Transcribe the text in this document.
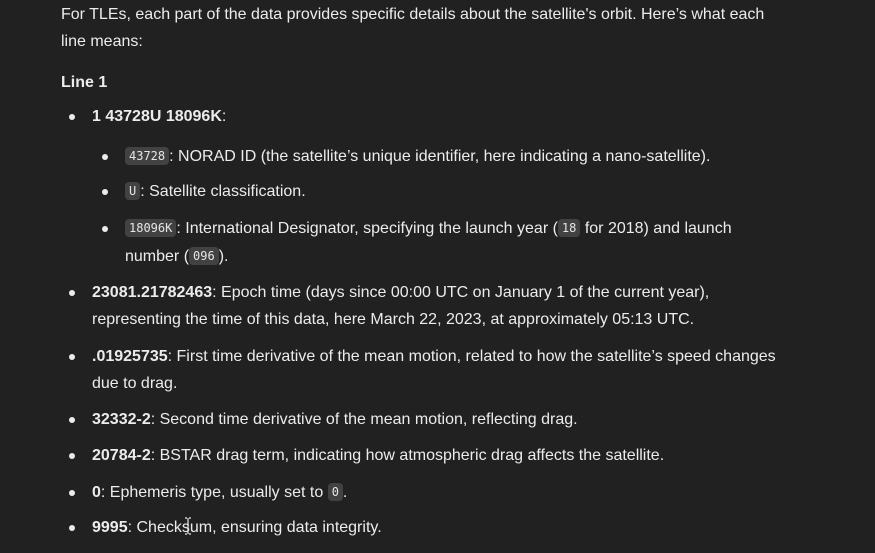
For TLEs, each part of the data provides specific details about the satellite's orbit. Here’s what each line means:

Line 1

1 43728U 18096K:
43728 : NORAD ID (the satellite’s unique identifier, here indicating a nano-satellite).
U : Satellite classification.
18096K : International Designator, specifying the launch year ( 18 for 2018) and launch
number ( 096 ).
23081.21782463: Epoch time (days since 00:00 UTC on January 1 of the current year),
representing the time of this data, here March 22, 2023, at approximately 05:13 UTC.
.01925735: First time derivative of the mean motion, related to how the satellite’s speed changes
due to drag.
32332-2: Second time derivative of the mean motion, reflecting drag.
20784-2: BSTAR drag term, indicating how atmospheric drag affects the satellite.
0: Ephemeris type, usually set to 0 .
9995: Checksum, ensuring data integrity.
